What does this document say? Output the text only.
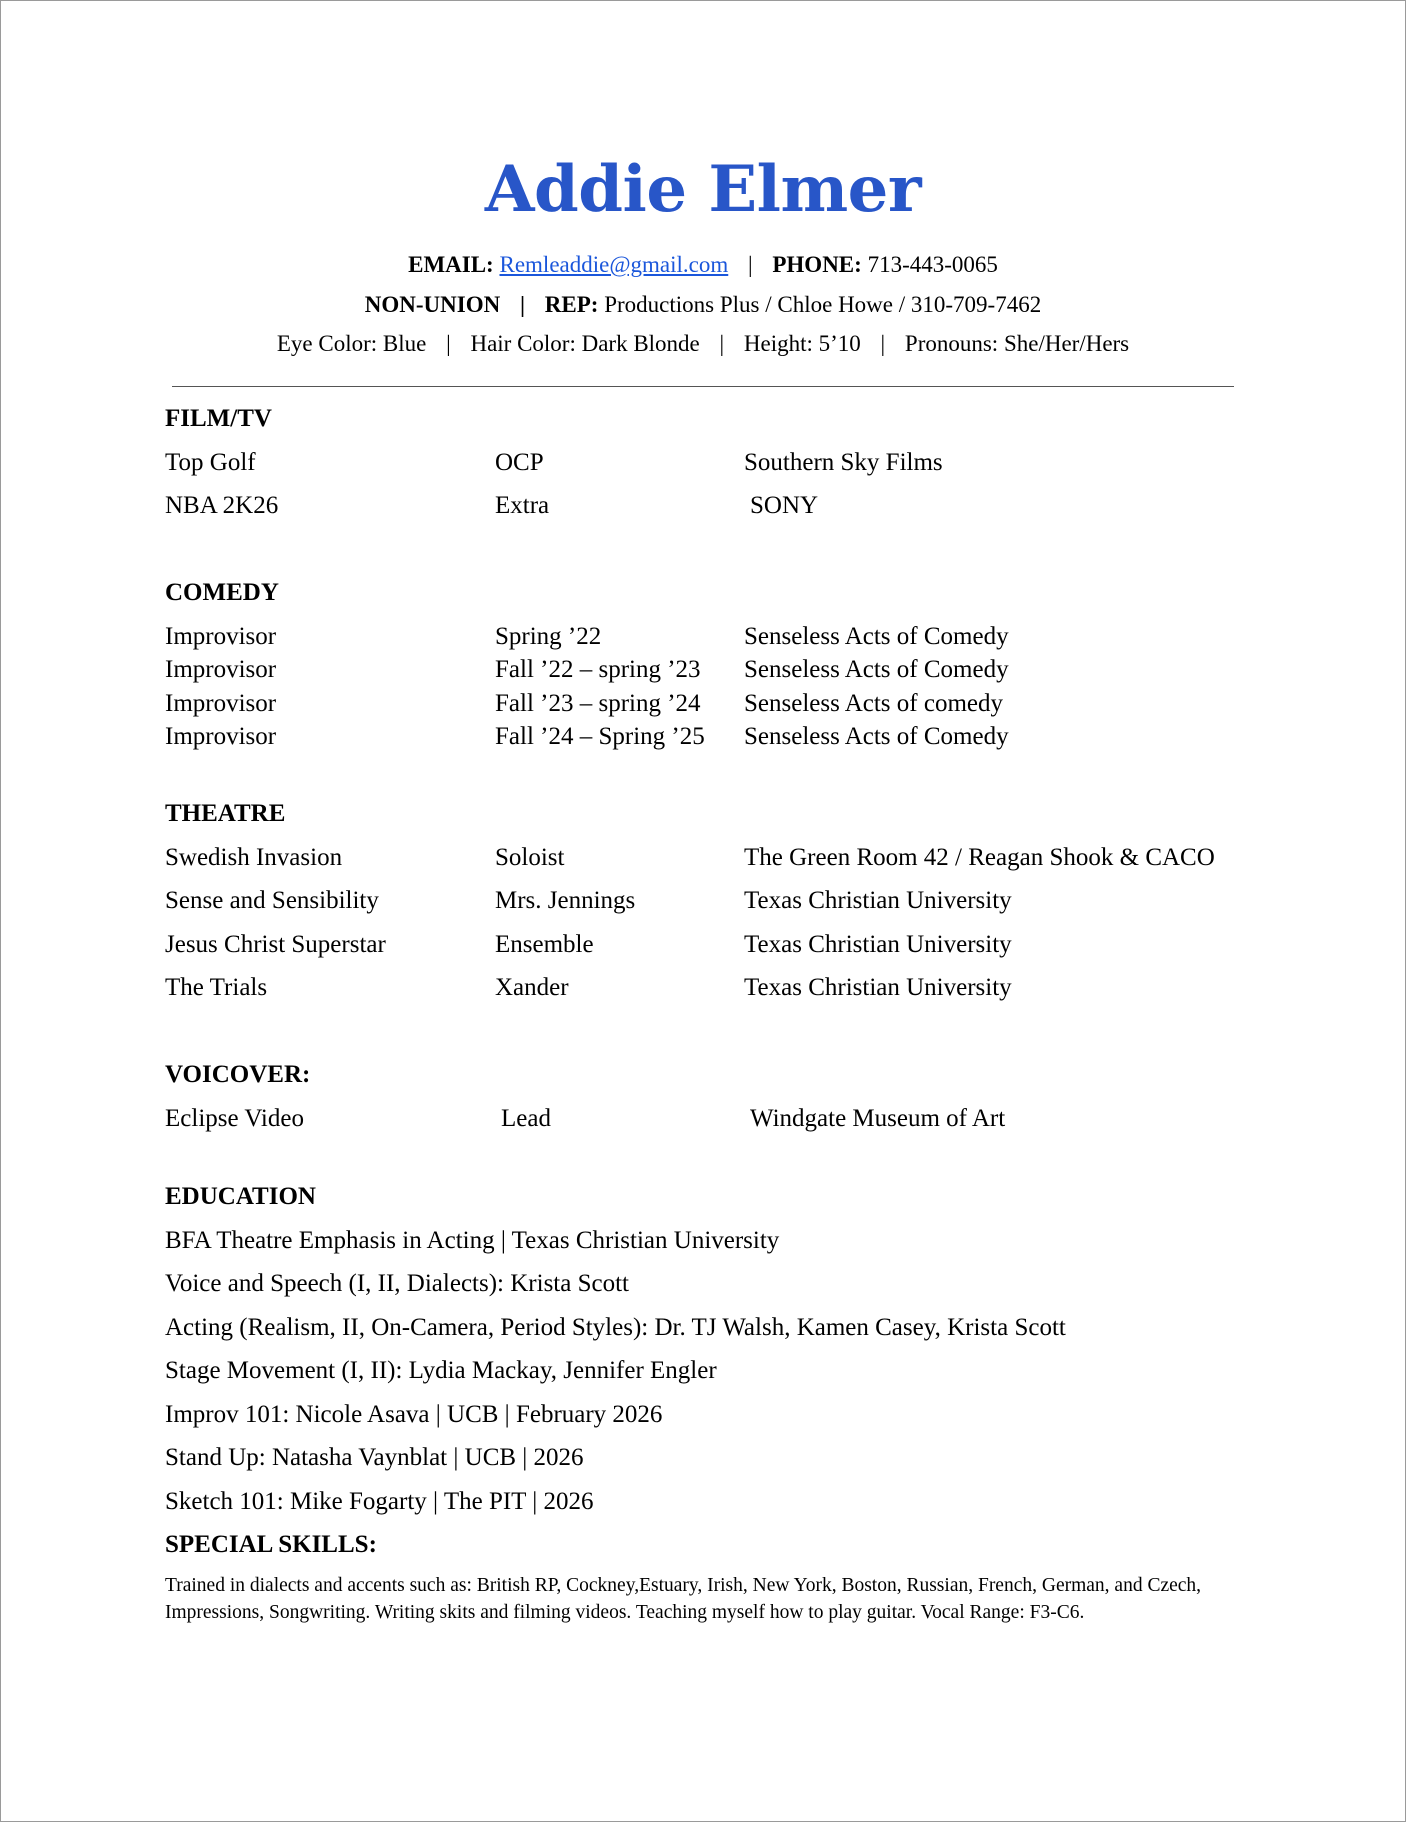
Addie Elmer
EMAIL: Remleaddie@gmail.com | PHONE: 713-443-0065
NON-UNION | REP: Productions Plus / Chloe Howe / 310-709-7462
Eye Color: Blue | Hair Color: Dark Blonde | Height: 5’10 | Pronouns: She/Her/Hers
FILM/TV
Top Golf	OCP	Southern Sky Films
NBA 2K26	Extra	SONY
COMEDY
Improvisor	Spring ’22	Senseless Acts of Comedy
Improvisor	Fall ’22 – spring ’23 Senseless Acts of Comedy
Improvisor	Fall ’23 – spring ’24 Senseless Acts of comedy
Improvisor	Fall ’24 – Spring ’25 Senseless Acts of Comedy
THEATRE
Swedish Invasion	Soloist	The Green Room 42 / Reagan Shook & CACO
Sense and Sensibility	Mrs. Jennings	Texas Christian University
Jesus Christ Superstar	Ensemble	Texas Christian University
The Trials	Xander	Texas Christian University
VOICOVER:
Eclipse Video	Lead	Windgate Museum of Art
EDUCATION
BFA Theatre Emphasis in Acting | Texas Christian University
Voice and Speech (I, II, Dialects): Krista Scott
Acting (Realism, II, On-Camera, Period Styles): Dr. TJ Walsh, Kamen Casey, Krista Scott
Stage Movement (I, II): Lydia Mackay, Jennifer Engler
Improv 101: Nicole Asava | UCB | February 2026
Stand Up: Natasha Vaynblat | UCB | 2026
Sketch 101: Mike Fogarty | The PIT | 2026
SPECIAL SKILLS:
Trained in dialects and accents such as: British RP, Cockney,Estuary, Irish, New York, Boston, Russian, French, German, and Czech, Impressions, Songwriting. Writing skits and filming videos. Teaching myself how to play guitar. Vocal Range: F3-C6.
